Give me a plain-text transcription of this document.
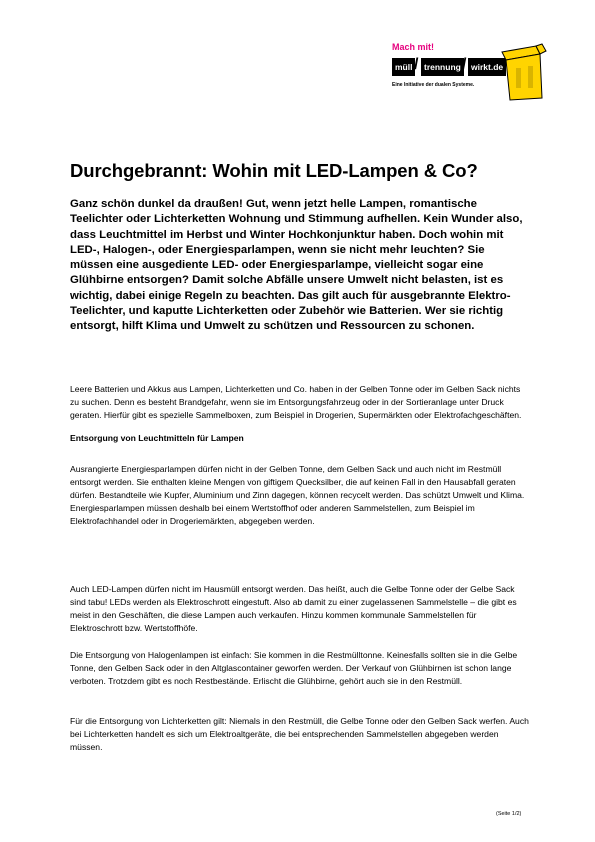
Mach mit!
müll / trennung / wirkt.de
Eine Initiative der dualen Systeme.
Durchgebrannt: Wohin mit LED-Lampen & Co?

Ganz schön dunkel da draußen! Gut, wenn jetzt helle Lampen, romantische Teelichter oder Lichterketten Wohnung und Stimmung aufhellen. Kein Wunder also, dass Leuchtmittel im Herbst und Winter Hochkonjunktur haben. Doch wohin mit LED-, Halogen-, oder Energiesparlampen, wenn sie nicht mehr leuchten? Sie müssen eine ausgediente LED- oder Energiesparlampe, vielleicht sogar eine Glühbirne entsorgen? Damit solche Abfälle unsere Umwelt nicht belasten, ist es wichtig, dabei einige Regeln zu beachten. Das gilt auch für ausgebrannte Elektro-Teelichter, und kaputte Lichterketten oder Zubehör wie Batterien. Wer sie richtig entsorgt, hilft Klima und Umwelt zu schützen und Ressourcen zu schonen.

Leere Batterien und Akkus aus Lampen, Lichterketten und Co. haben in der Gelben Tonne oder im Gelben Sack nichts zu suchen. Denn es besteht Brandgefahr, wenn sie im Entsorgungsfahrzeug oder in der Sortieranlage unter Druck geraten. Hierfür gibt es spezielle Sammelboxen, zum Beispiel in Drogerien, Supermärkten oder Elektrofachgeschäften.

Entsorgung von Leuchtmitteln für Lampen

Ausrangierte Energiesparlampen dürfen nicht in der Gelben Tonne, dem Gelben Sack und auch nicht im Restmüll entsorgt werden. Sie enthalten kleine Mengen von giftigem Quecksilber, die auf keinen Fall in den Hausabfall geraten dürfen. Bestandteile wie Kupfer, Aluminium und Zinn dagegen, können recycelt werden. Das schützt Umwelt und Klima. Energiesparlampen müssen deshalb bei einem Wertstoffhof oder anderen Sammelstellen, zum Beispiel im Elektrofachhandel oder in Drogeriemärkten, abgegeben werden.

Auch LED-Lampen dürfen nicht im Hausmüll entsorgt werden. Das heißt, auch die Gelbe Tonne oder der Gelbe Sack sind tabu! LEDs werden als Elektroschrott eingestuft. Also ab damit zu einer zugelassenen Sammelstelle – die gibt es meist in den Geschäften, die diese Lampen auch verkaufen. Hinzu kommen kommunale Sammelstellen für Elektroschrott bzw. Wertstoffhöfe.

Die Entsorgung von Halogenlampen ist einfach: Sie kommen in die Restmülltonne. Keinesfalls sollten sie in die Gelbe Tonne, den Gelben Sack oder in den Altglascontainer geworfen werden. Der Verkauf von Glühbirnen ist schon lange verboten. Trotzdem gibt es noch Restbestände. Erlischt die Glühbirne, gehört auch sie in den Restmüll.

Für die Entsorgung von Lichterketten gilt: Niemals in den Restmüll, die Gelbe Tonne oder den Gelben Sack werfen. Auch bei Lichterketten handelt es sich um Elektroaltgeräte, die bei entsprechenden Sammelstellen abgegeben werden müssen.

(Seite 1/2)
